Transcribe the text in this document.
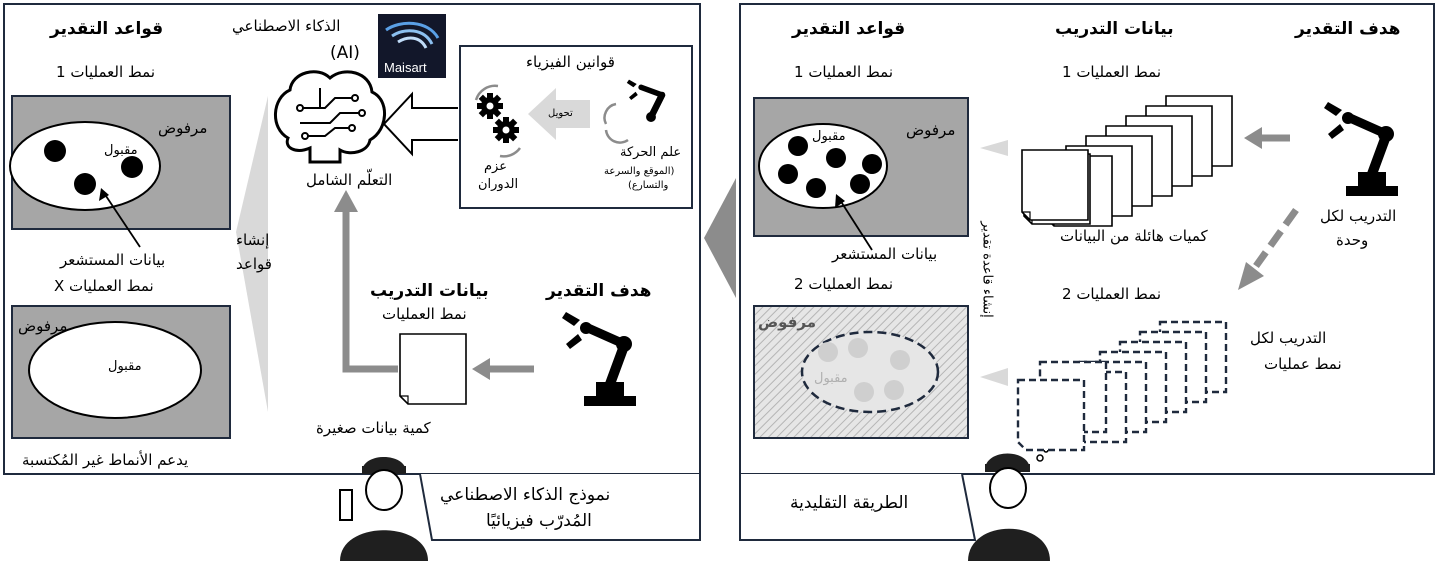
هدف التقدير
بيانات التدريب
قواعد التقدير
نمط العمليات 1
نمط العمليات 1
مرفوض
مقبول
بيانات المستشعر
كميات هائلة من البيانات
التدريب لكل
وحدة
نمط العمليات 2
نمط العمليات 2
التدريب لكل
نمط عمليات
مرفوض
مقبول
إنشاء قاعدة تقدير
الطريقة التقليدية
قواعد التقدير
نمط العمليات 1
مرفوض
مقبول
بيانات المستشعر
نمط العمليات X
مرفوض
مقبول
يدعم الأنماط غير المُكتسبة
إنشاء
قواعد
الذكاء الاصطناعي
(AI)
Maisart
التعلّم الشامل
قوانين الفيزياء
تحويل
علم الحركة
(الموقع والسرعة
والتسارع)
عزم
الدوران
هدف التقدير
بيانات التدريب
نمط العمليات
كمية بيانات صغيرة
نموذج الذكاء الاصطناعي
المُدرّب فيزيائيًا
